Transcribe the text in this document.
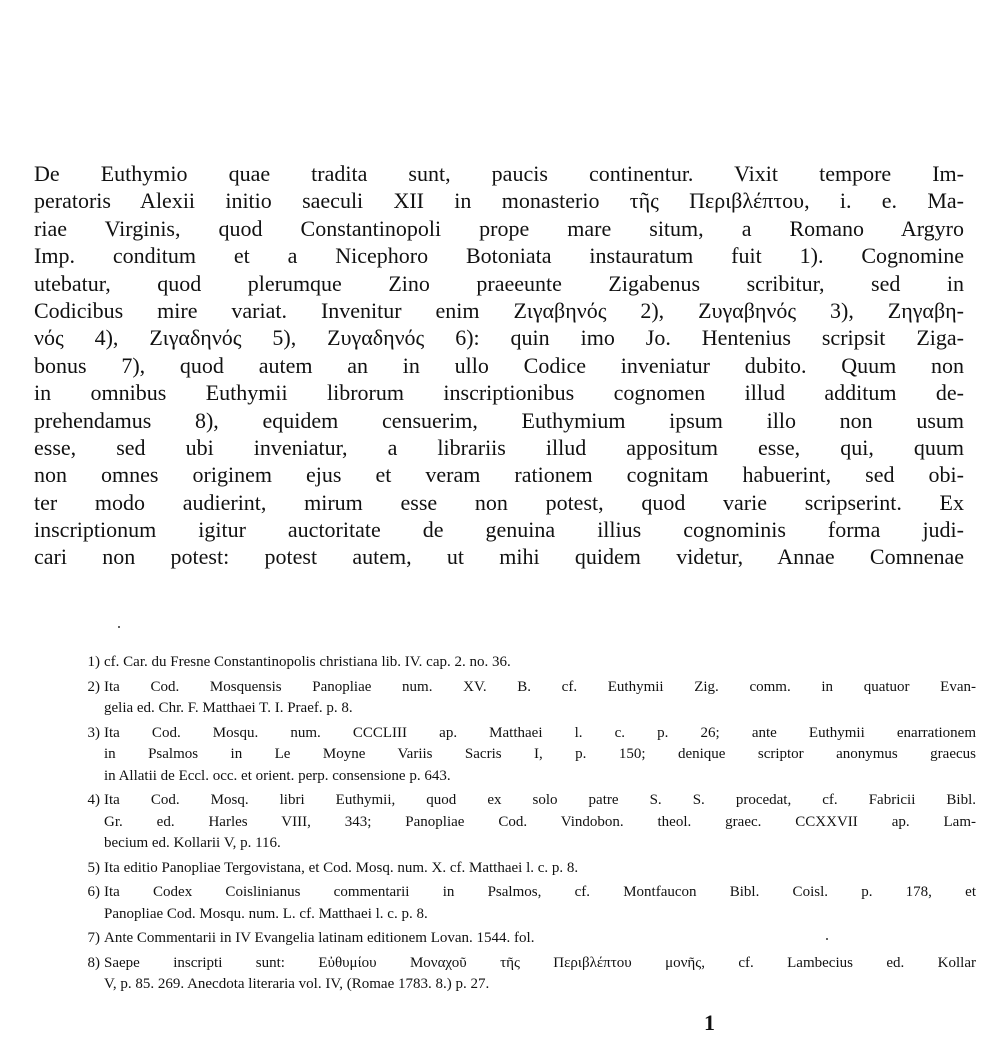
De Euthymio quae tradita sunt, paucis continentur. Vixit tempore Im-
peratoris Alexii initio saeculi XII in monasterio τῆς Περιβλέπτου, i. e. Ma-
riae Virginis, quod Constantinopoli prope mare situm, a Romano Argyro
Imp. conditum et a Nicephoro Botoniata instauratum fuit 1). Cognomine
utebatur, quod plerumque Zino praeeunte Zigabenus scribitur, sed in
Codicibus mire variat. Invenitur enim Ζιγαβηνός 2), Ζυγαβηνός 3), Ζηγαβη-
νός 4), Ζιγαδηνός 5), Ζυγαδηνός 6): quin imo Jo. Hentenius scripsit Ziga-
bonus 7), quod autem an in ullo Codice inveniatur dubito. Quum non
in omnibus Euthymii librorum inscriptionibus cognomen illud additum de-
prehendamus 8), equidem censuerim, Euthymium ipsum illo non usum
esse, sed ubi inveniatur, a librariis illud appositum esse, qui, quum
non omnes originem ejus et veram rationem cognitam habuerint, sed obi-
ter modo audierint, mirum esse non potest, quod varie scripserint. Ex
inscriptionum igitur auctoritate de genuina illius cognominis forma judi-
cari non potest: potest autem, ut mihi quidem videtur, Annae Comnenae
1) cf. Car. du Fresne Constantinopolis christiana lib. IV. cap. 2. no. 36.
2) Ita Cod. Mosquensis Panopliae num. XV. B. cf. Euthymii Zig. comm. in quatuor Evan-
gelia ed. Chr. F. Matthaei T. I. Praef. p. 8.
3) Ita Cod. Mosqu. num. CCCLIII ap. Matthaei l. c. p. 26; ante Euthymii enarrationem
in Psalmos in Le Moyne Variis Sacris I, p. 150; denique scriptor anonymus graecus
in Allatii de Eccl. occ. et orient. perp. consensione p. 643.
4) Ita Cod. Mosq. libri Euthymii, quod ex solo patre S. S. procedat, cf. Fabricii Bibl.
Gr. ed. Harles VIII, 343; Panopliae Cod. Vindobon. theol. graec. CCXXVII ap. Lam-
becium ed. Kollarii V, p. 116.
5) Ita editio Panopliae Tergovistana, et Cod. Mosq. num. X. cf. Matthaei l. c. p. 8.
6) Ita Codex Coislinianus commentarii in Psalmos, cf. Montfaucon Bibl. Coisl. p. 178, et
Panopliae Cod. Mosqu. num. L. cf. Matthaei l. c. p. 8.
7) Ante Commentarii in IV Evangelia latinam editionem Lovan. 1544. fol.
8) Saepe inscripti sunt: Εὐθυμίου Μοναχοῦ τῆς Περιβλέπτου μονῆς, cf. Lambecius ed. Kollar
V, p. 85. 269. Anecdota literaria vol. IV, (Romae 1783. 8.) p. 27.
1
